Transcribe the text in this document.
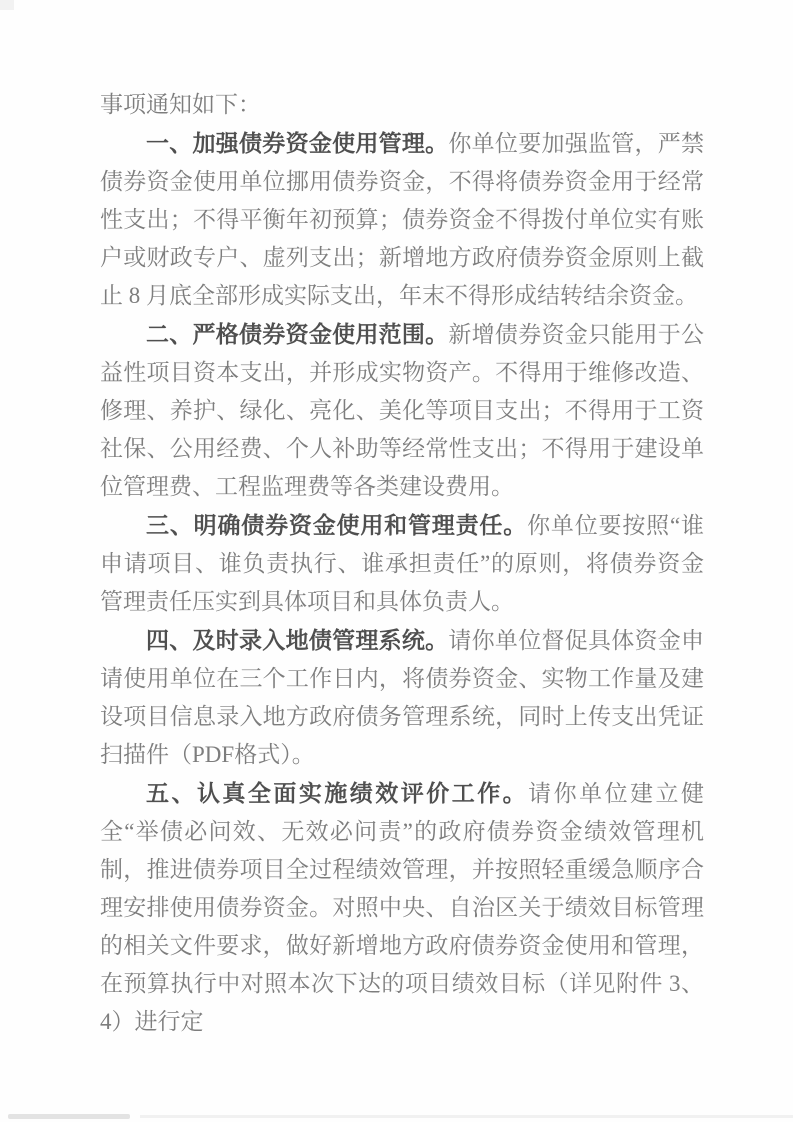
事项通知如下：

一、加强债券资金使用管理。你单位要加强监管，严禁债券资金使用单位挪用债券资金，不得将债券资金用于经常性支出；不得平衡年初预算；债券资金不得拨付单位实有账户或财政专户、虚列支出；新增地方政府债券资金原则上截止 8 月底全部形成实际支出，年末不得形成结转结余资金。

二、严格债券资金使用范围。新增债券资金只能用于公益性项目资本支出，并形成实物资产。不得用于维修改造、修理、养护、绿化、亮化、美化等项目支出；不得用于工资社保、公用经费、个人补助等经常性支出；不得用于建设单位管理费、工程监理费等各类建设费用。

三、明确债券资金使用和管理责任。你单位要按照“谁申请项目、谁负责执行、谁承担责任”的原则，将债券资金管理责任压实到具体项目和具体负责人。

四、及时录入地债管理系统。请你单位督促具体资金申请使用单位在三个工作日内，将债券资金、实物工作量及建设项目信息录入地方政府债务管理系统，同时上传支出凭证扫描件（PDF格式）。

五、认真全面实施绩效评价工作。请你单位建立健全“举债必问效、无效必问责”的政府债券资金绩效管理机制，推进债券项目全过程绩效管理，并按照轻重缓急顺序合理安排使用债券资金。对照中央、自治区关于绩效目标管理的相关文件要求，做好新增地方政府债券资金使用和管理，在预算执行中对照本次下达的项目绩效目标（详见附件 3、4）进行定
